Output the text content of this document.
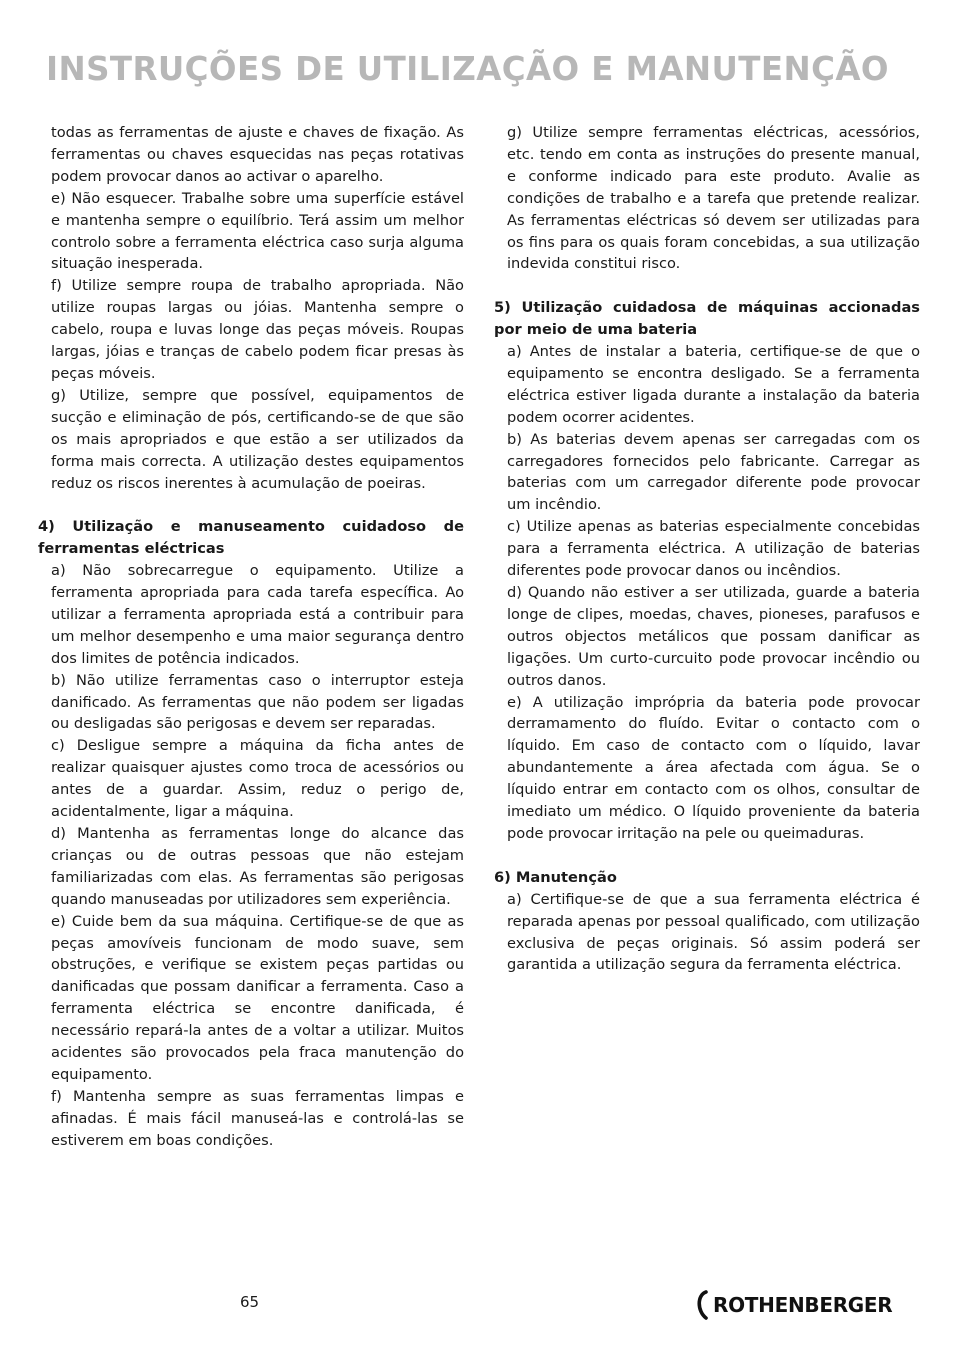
INSTRUÇÕES DE UTILIZAÇÃO E MANUTENÇÃO

todas as ferramentas de ajuste e chaves de fixação. As ferramentas ou chaves esquecidas nas peças rotativas podem provocar danos ao activar o aparelho.

e) Não esquecer. Trabalhe sobre uma superfície estável e mantenha sempre o equilíbrio. Terá assim um melhor controlo sobre a ferramenta eléctrica caso surja alguma situação inesperada.

f) Utilize sempre roupa de trabalho apropriada. Não utilize roupas largas ou jóias. Mantenha sempre o cabelo, roupa e luvas longe das peças móveis. Roupas largas, jóias e tranças de cabelo podem ficar presas às peças móveis.

g) Utilize, sempre que possível, equipamentos de sucção e eliminação de pós, certificando-se de que são os mais apropriados e que estão a ser utilizados da forma mais correcta. A utilização destes equipamentos reduz os riscos inerentes à acumulação de poeiras.

4) Utilização e manuseamento cuidadoso de ferramentas eléctricas

a) Não sobrecarregue o equipamento. Utilize a ferramenta apropriada para cada tarefa específica. Ao utilizar a ferramenta apropriada está a contribuir para um melhor desempenho e uma maior segurança dentro dos limites de potência indicados.

b) Não utilize ferramentas caso o interruptor esteja danificado. As ferramentas que não podem ser ligadas ou desligadas são perigosas e devem ser reparadas.

c) Desligue sempre a máquina da ficha antes de realizar quaisquer ajustes como troca de acessórios ou antes de a guardar. Assim, reduz o perigo de, acidentalmente, ligar a máquina.

d) Mantenha as ferramentas longe do alcance das crianças ou de outras pessoas que não estejam familiarizadas com elas. As ferramentas são perigosas quando manuseadas por utilizadores sem experiência.

e) Cuide bem da sua máquina. Certifique-se de que as peças amovíveis funcionam de modo suave, sem obstruções, e verifique se existem peças partidas ou danificadas que possam danificar a ferramenta. Caso a ferramenta eléctrica se encontre danificada, é necessário repará-la antes de a voltar a utilizar. Muitos acidentes são provocados pela fraca manutenção do equipamento.

f) Mantenha sempre as suas ferramentas limpas e afinadas. É mais fácil manuseá-las e controlá-las se estiverem em boas condições.

g) Utilize sempre ferramentas eléctricas, acessórios, etc. tendo em conta as instruções do presente manual, e conforme indicado para este produto. Avalie as condições de trabalho e a tarefa que pretende realizar. As ferramentas eléctricas só devem ser utilizadas para os fins para os quais foram concebidas, a sua utilização indevida constitui risco.

5) Utilização cuidadosa de máquinas accionadas por meio de uma bateria

a) Antes de instalar a bateria, certifique-se de que o equipamento se encontra desligado. Se a ferramenta eléctrica estiver ligada durante a instalação da bateria podem ocorrer acidentes.

b) As baterias devem apenas ser carregadas com os carregadores fornecidos pelo fabricante. Carregar as baterias com um carregador diferente pode provocar um incêndio.

c) Utilize apenas as baterias especialmente concebidas para a ferramenta eléctrica. A utilização de baterias diferentes pode provocar danos ou incêndios.

d) Quando não estiver a ser utilizada, guarde a bateria longe de clipes, moedas, chaves, pioneses, parafusos e outros objectos metálicos que possam danificar as ligações. Um curto-curcuito pode provocar incêndio ou outros danos.

e) A utilização imprópria da bateria pode provocar derramamento do fluído. Evitar o contacto com o líquido. Em caso de contacto com o líquido, lavar abundantemente a área afectada com água. Se o líquido entrar em contacto com os olhos, consultar de imediato um médico. O líquido proveniente da bateria pode provocar irritação na pele ou queimaduras.

6) Manutenção

a) Certifique-se de que a sua ferramenta eléctrica é reparada apenas por pessoal qualificado, com utilização exclusiva de peças originais. Só assim poderá ser garantida a utilização segura da ferramenta eléctrica.

65	ROTHENBERGER
